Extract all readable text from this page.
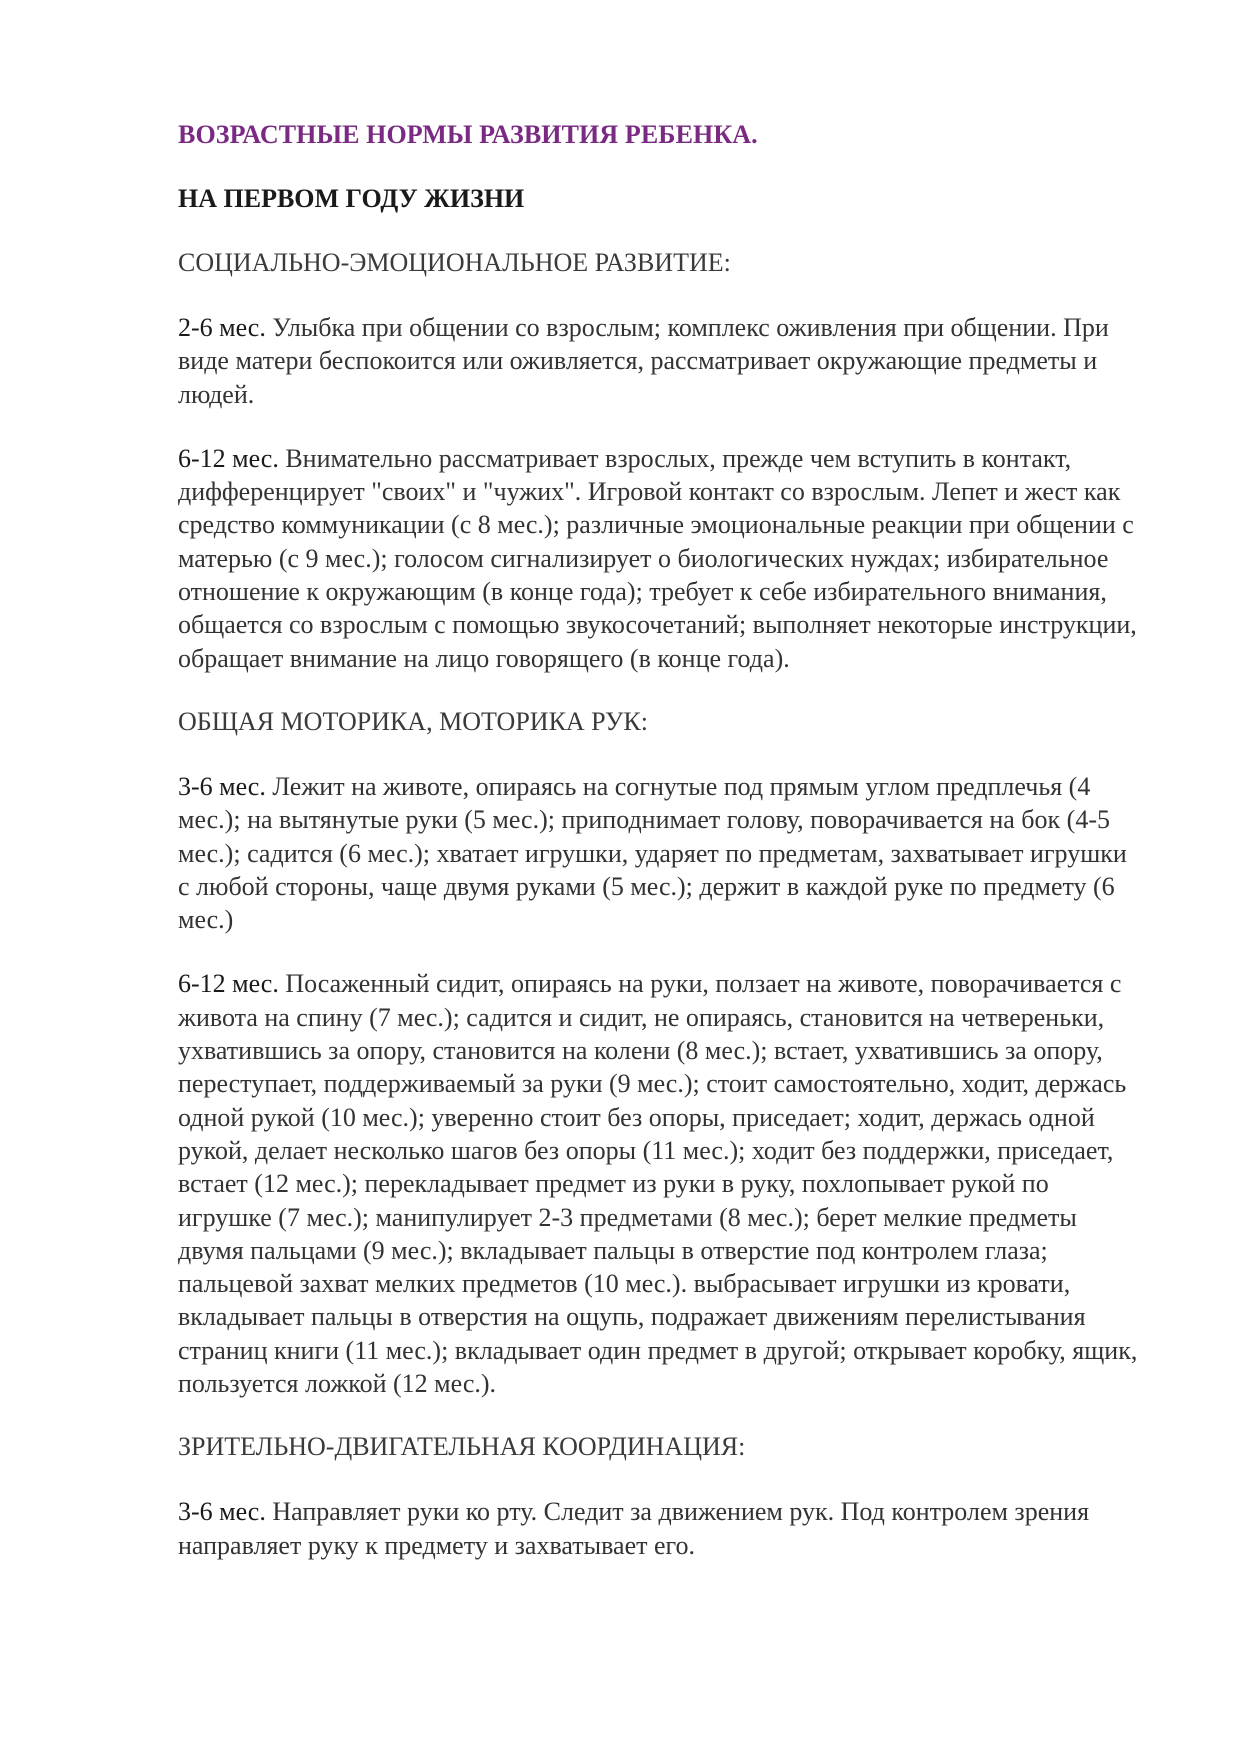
ВОЗРАСТНЫЕ НОРМЫ РАЗВИТИЯ РЕБЕНКА.
НА ПЕРВОМ ГОДУ ЖИЗНИ
СОЦИАЛЬНО-ЭМОЦИОНАЛЬНОЕ РАЗВИТИЕ:

2-6 мес. Улыбка при общении со взрослым; комплекс оживления при общении. При виде матери беспокоится или оживляется, рассматривает окружающие предметы и людей.

6-12 мес. Внимательно рассматривает взрослых, прежде чем вступить в контакт, дифференцирует "своих" и "чужих". Игровой контакт со взрослым. Лепет и жест как средство коммуникации (с 8 мес.); различные эмоциональные реакции при общении с матерью (с 9 мес.); голосом сигнализирует о биологических нуждах; избирательное отношение к окружающим (в конце года); требует к себе избирательного внимания, общается со взрослым с помощью звукосочетаний; выполняет некоторые инструкции, обращает внимание на лицо говорящего (в конце года).

ОБЩАЯ МОТОРИКА, МОТОРИКА РУК:

3-6 мес. Лежит на животе, опираясь на согнутые под прямым углом предплечья (4 мес.); на вытянутые руки (5 мес.); приподнимает голову, поворачивается на бок (4-5 мес.); садится (6 мес.); хватает игрушки, ударяет по предметам, захватывает игрушки с любой стороны, чаще двумя руками (5 мес.); держит в каждой руке по предмету (6 мес.)

6-12 мес. Посаженный сидит, опираясь на руки, ползает на животе, поворачивается с живота на спину (7 мес.); садится и сидит, не опираясь, становится на четвереньки, ухватившись за опору, становится на колени (8 мес.); встает, ухватившись за опору, переступает, поддерживаемый за руки (9 мес.); стоит самостоятельно, ходит, держась одной рукой (10 мес.); уверенно стоит без опоры, приседает; ходит, держась одной рукой, делает несколько шагов без опоры (11 мес.); ходит без поддержки, приседает, встает (12 мес.); перекладывает предмет из руки в руку, похлопывает рукой по игрушке (7 мес.); манипулирует 2-3 предметами (8 мес.); берет мелкие предметы двумя пальцами (9 мес.); вкладывает пальцы в отверстие под контролем глаза; пальцевой захват мелких предметов (10 мес.). выбрасывает игрушки из кровати, вкладывает пальцы в отверстия на ощупь, подражает движениям перелистывания страниц книги (11 мес.); вкладывает один предмет в другой; открывает коробку, ящик, пользуется ложкой (12 мес.).

ЗРИТЕЛЬНО-ДВИГАТЕЛЬНАЯ КООРДИНАЦИЯ:

3-6 мес. Направляет руки ко рту. Следит за движением рук. Под контролем зрения направляет руку к предмету и захватывает его.
